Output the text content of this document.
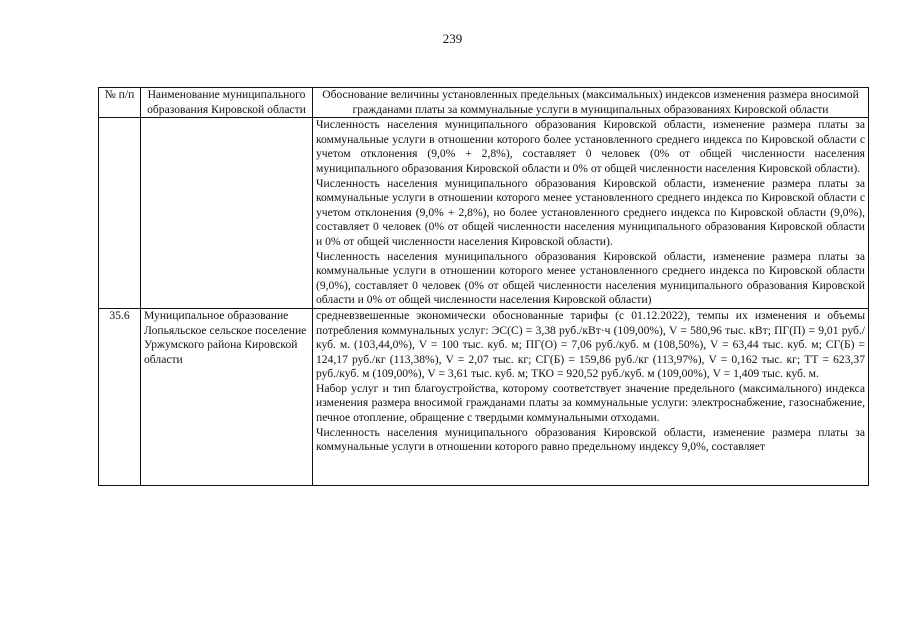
239
№ п/п	Наименование муниципального образования Кировской области	Обоснование величины установленных предельных (максимальных) индексов изменения размера вносимой гражданами платы за коммунальные услуги в муниципальных образованиях Кировской области

		Численность населения муниципального образования Кировской области, изменение размера платы за коммунальные услуги в отношении которого более установленного среднего индекса по Кировской области с учетом отклонения (9,0% + 2,8%), составляет 0 человек (0% от общей численности населения муниципального образования Кировской области и 0% от общей численности населения Кировской области).

Численность населения муниципального образования Кировской области, изменение размера платы за коммунальные услуги в отношении которого менее установленного среднего индекса по Кировской области с учетом отклонения (9,0% + 2,8%), но более установленного среднего индекса по Кировской области (9,0%), составляет 0 человек (0% от общей численности населения муниципального образования Кировской области и 0% от общей численности населения Кировской области).

Численность населения муниципального образования Кировской области, изменение размера платы за коммунальные услуги в отношении которого менее установленного среднего индекса по Кировской области (9,0%), составляет 0 человек (0% от общей численности населения муниципального образования Кировской области и 0% от общей численности населения Кировской области)

35.6	Муниципальное образование Лопьяльское сельское поселение Уржумского района Кировской области	средневзвешенные экономически обоснованные тарифы (с 01.12.2022), темпы их изменения и объемы потребления коммунальных услуг: ЭС(С) = 3,38 руб./кВт·ч (109,00%), V = 580,96 тыс. кВт; ПГ(П) = 9,01 руб./куб. м. (103,44,0%), V = 100 тыс. куб. м; ПГ(О) = 7,06 руб./куб. м (108,50%), V = 63,44 тыс. куб. м; СГ(Б) = 124,17 руб./кг (113,38%), V = 2,07 тыс. кг; СГ(Б) = 159,86 руб./кг (113,97%), V = 0,162 тыс. кг; ТТ = 623,37 руб./куб. м (109,00%), V = 3,61 тыс. куб. м; ТКО = 920,52 руб./куб. м (109,00%), V = 1,409 тыс. куб. м.

Набор услуг и тип благоустройства, которому соответствует значение предельного (максимального) индекса изменения размера вносимой гражданами платы за коммунальные услуги: электроснабжение, газоснабжение, печное отопление, обращение с твердыми коммунальными отходами.

Численность населения муниципального образования Кировской области, изменение размера платы за коммунальные услуги в отношении которого равно предельному индексу 9,0%, составляет
